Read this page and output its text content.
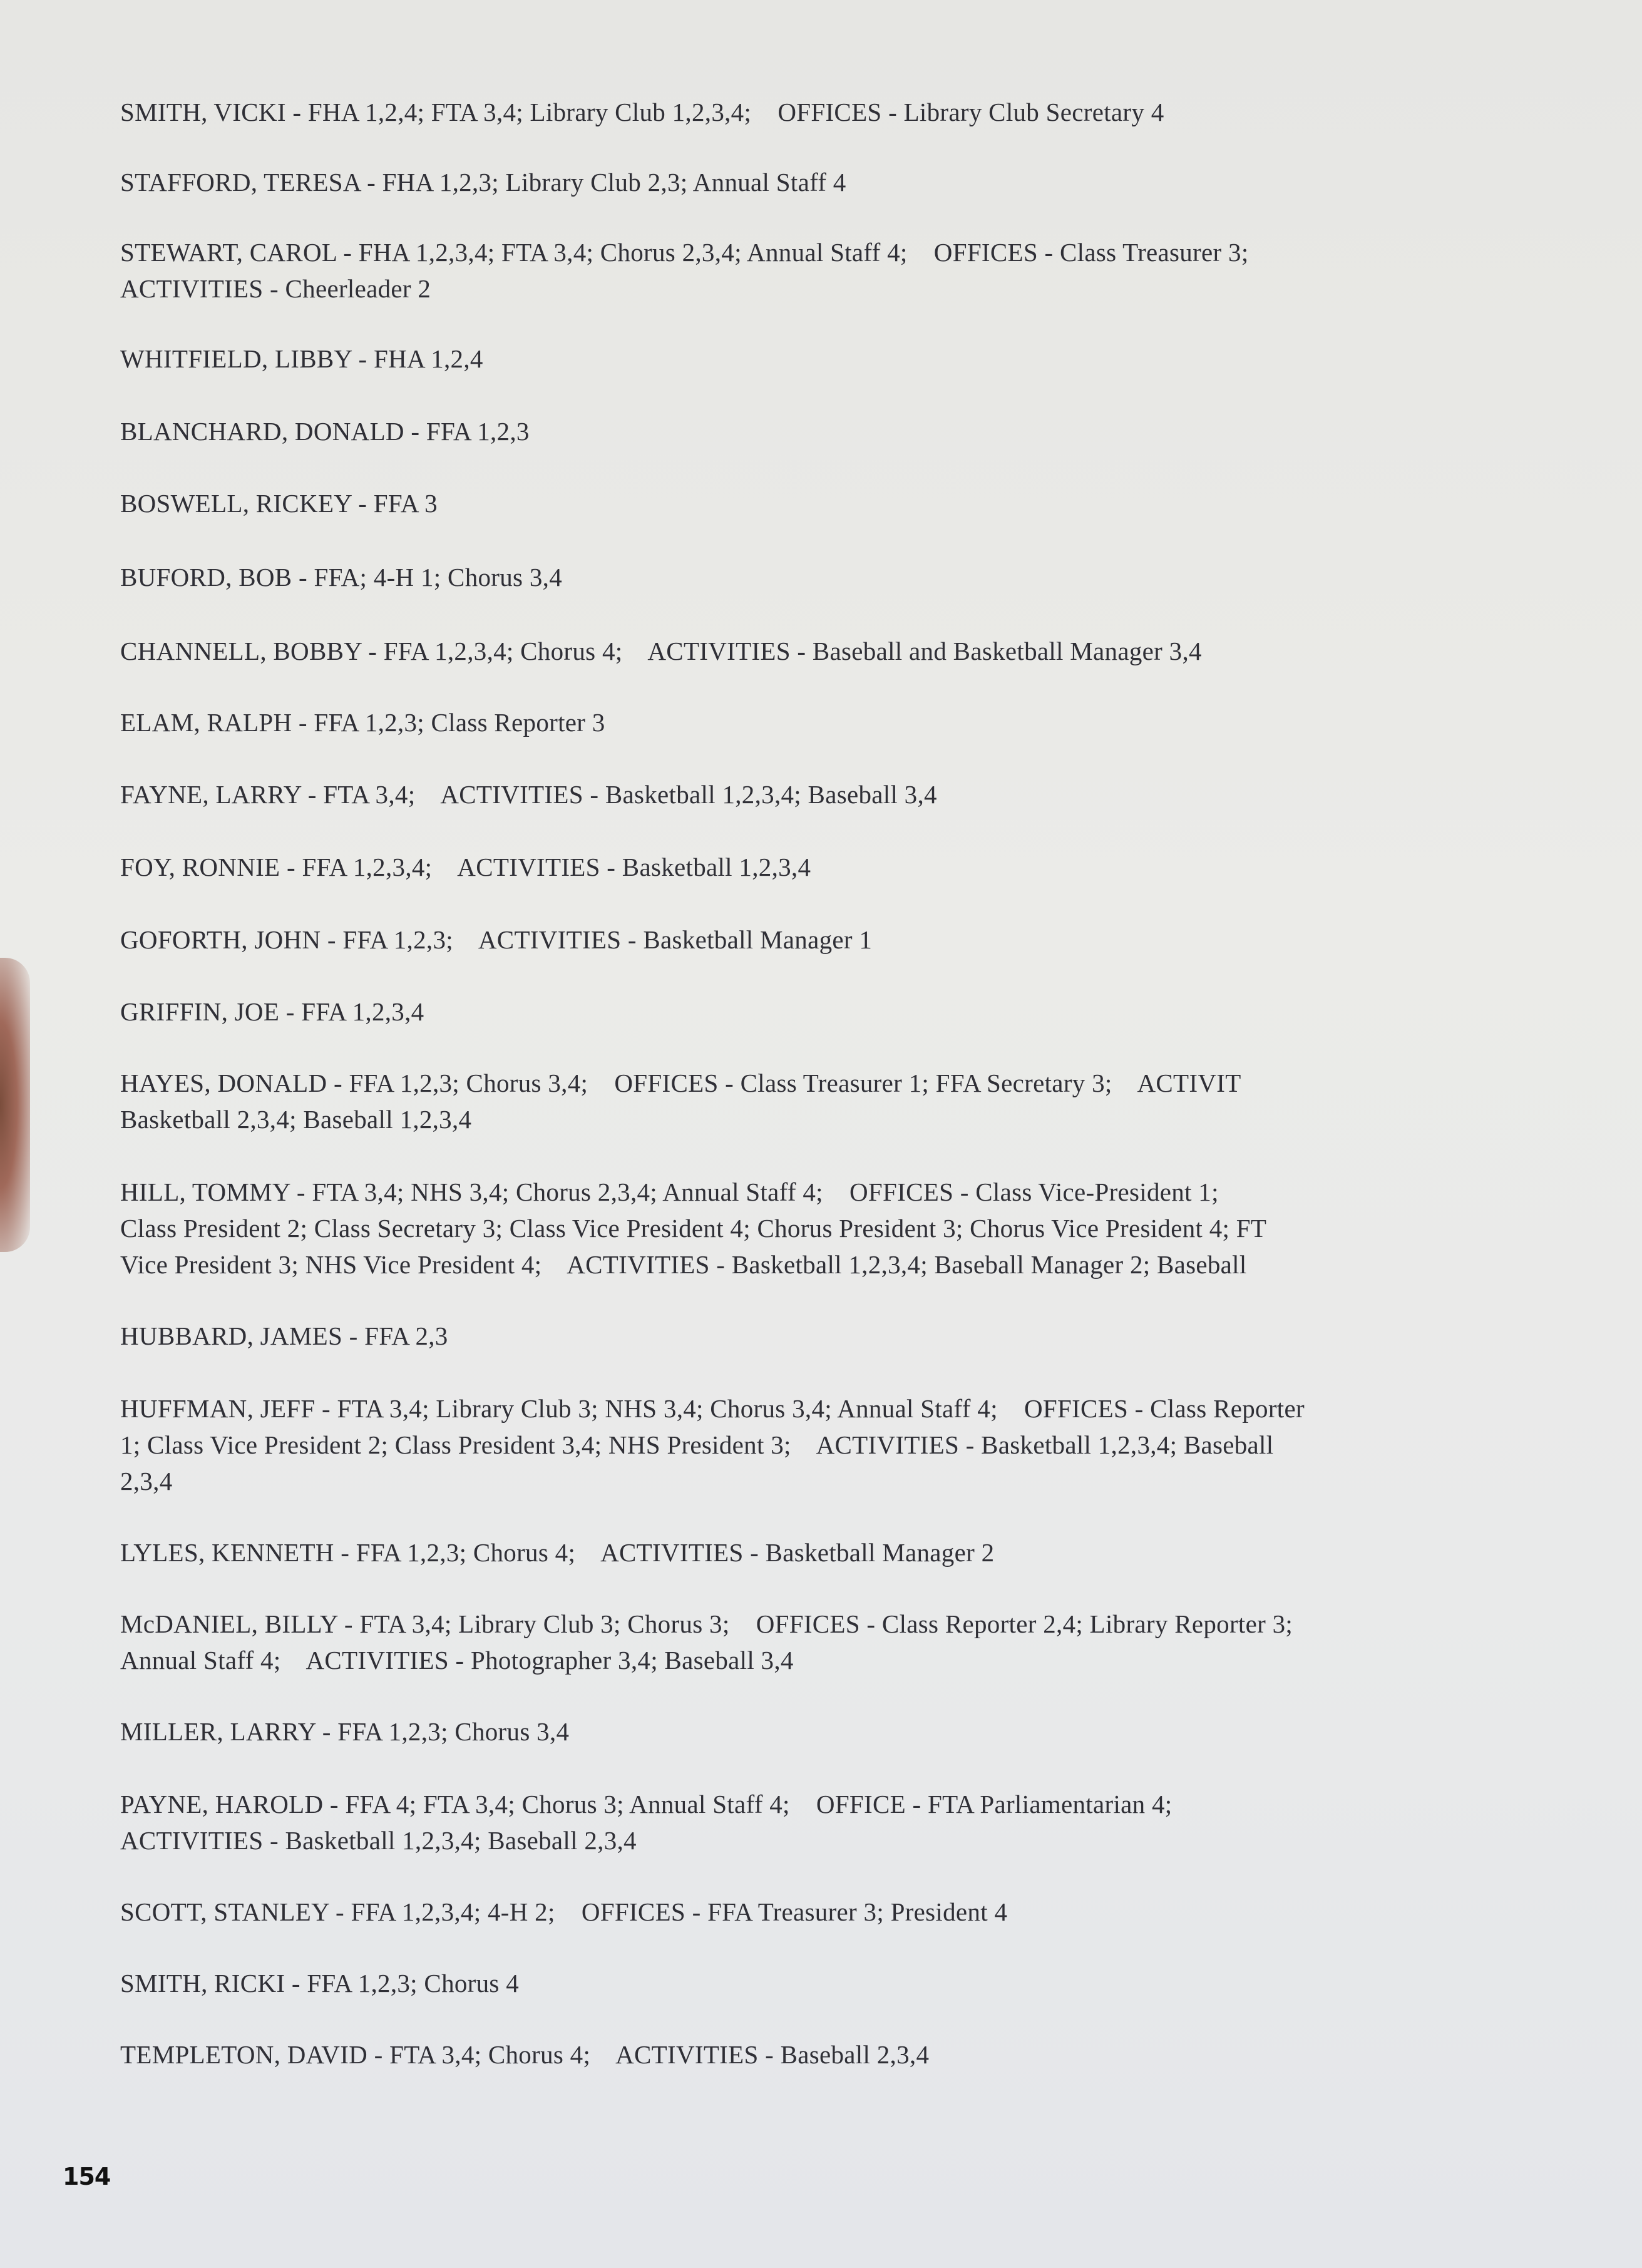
SMITH, VICKI - FHA 1,2,4; FTA 3,4; Library Club 1,2,3,4;    OFFICES - Library Club Secretary 4
STAFFORD, TERESA - FHA 1,2,3; Library Club 2,3; Annual Staff 4
STEWART, CAROL - FHA 1,2,3,4; FTA 3,4; Chorus 2,3,4; Annual Staff 4;    OFFICES - Class Treasurer 3;
ACTIVITIES - Cheerleader 2
WHITFIELD, LIBBY - FHA 1,2,4
BLANCHARD, DONALD - FFA 1,2,3
BOSWELL, RICKEY - FFA 3
BUFORD, BOB - FFA; 4-H 1; Chorus 3,4
CHANNELL, BOBBY - FFA 1,2,3,4; Chorus 4;    ACTIVITIES - Baseball and Basketball Manager 3,4
ELAM, RALPH - FFA 1,2,3; Class Reporter 3
FAYNE, LARRY - FTA 3,4;    ACTIVITIES - Basketball 1,2,3,4; Baseball 3,4
FOY, RONNIE - FFA 1,2,3,4;    ACTIVITIES - Basketball 1,2,3,4
GOFORTH, JOHN - FFA 1,2,3;    ACTIVITIES - Basketball Manager 1
GRIFFIN, JOE - FFA 1,2,3,4
HAYES, DONALD - FFA 1,2,3; Chorus 3,4;    OFFICES - Class Treasurer 1; FFA Secretary 3;    ACTIVIT
Basketball 2,3,4; Baseball 1,2,3,4
HILL, TOMMY - FTA 3,4; NHS 3,4; Chorus 2,3,4; Annual Staff 4;    OFFICES - Class Vice-President 1;
Class President 2; Class Secretary 3; Class Vice President 4; Chorus President 3; Chorus Vice President 4; FT
Vice President 3; NHS Vice President 4;    ACTIVITIES - Basketball 1,2,3,4; Baseball Manager 2; Baseball
HUBBARD, JAMES - FFA 2,3
HUFFMAN, JEFF - FTA 3,4; Library Club 3; NHS 3,4; Chorus 3,4; Annual Staff 4;    OFFICES - Class Reporter
1; Class Vice President 2; Class President 3,4; NHS President 3;    ACTIVITIES - Basketball 1,2,3,4; Baseball
2,3,4
LYLES, KENNETH - FFA 1,2,3; Chorus 4;    ACTIVITIES - Basketball Manager 2
McDANIEL, BILLY - FTA 3,4; Library Club 3; Chorus 3;    OFFICES - Class Reporter 2,4; Library Reporter 3;
Annual Staff 4;    ACTIVITIES - Photographer 3,4; Baseball 3,4
MILLER, LARRY - FFA 1,2,3; Chorus 3,4
PAYNE, HAROLD - FFA 4; FTA 3,4; Chorus 3; Annual Staff 4;    OFFICE - FTA Parliamentarian 4;
ACTIVITIES - Basketball 1,2,3,4; Baseball 2,3,4
SCOTT, STANLEY - FFA 1,2,3,4; 4-H 2;    OFFICES - FFA Treasurer 3; President 4
SMITH, RICKI - FFA 1,2,3; Chorus 4
TEMPLETON, DAVID - FTA 3,4; Chorus 4;    ACTIVITIES - Baseball 2,3,4
154
